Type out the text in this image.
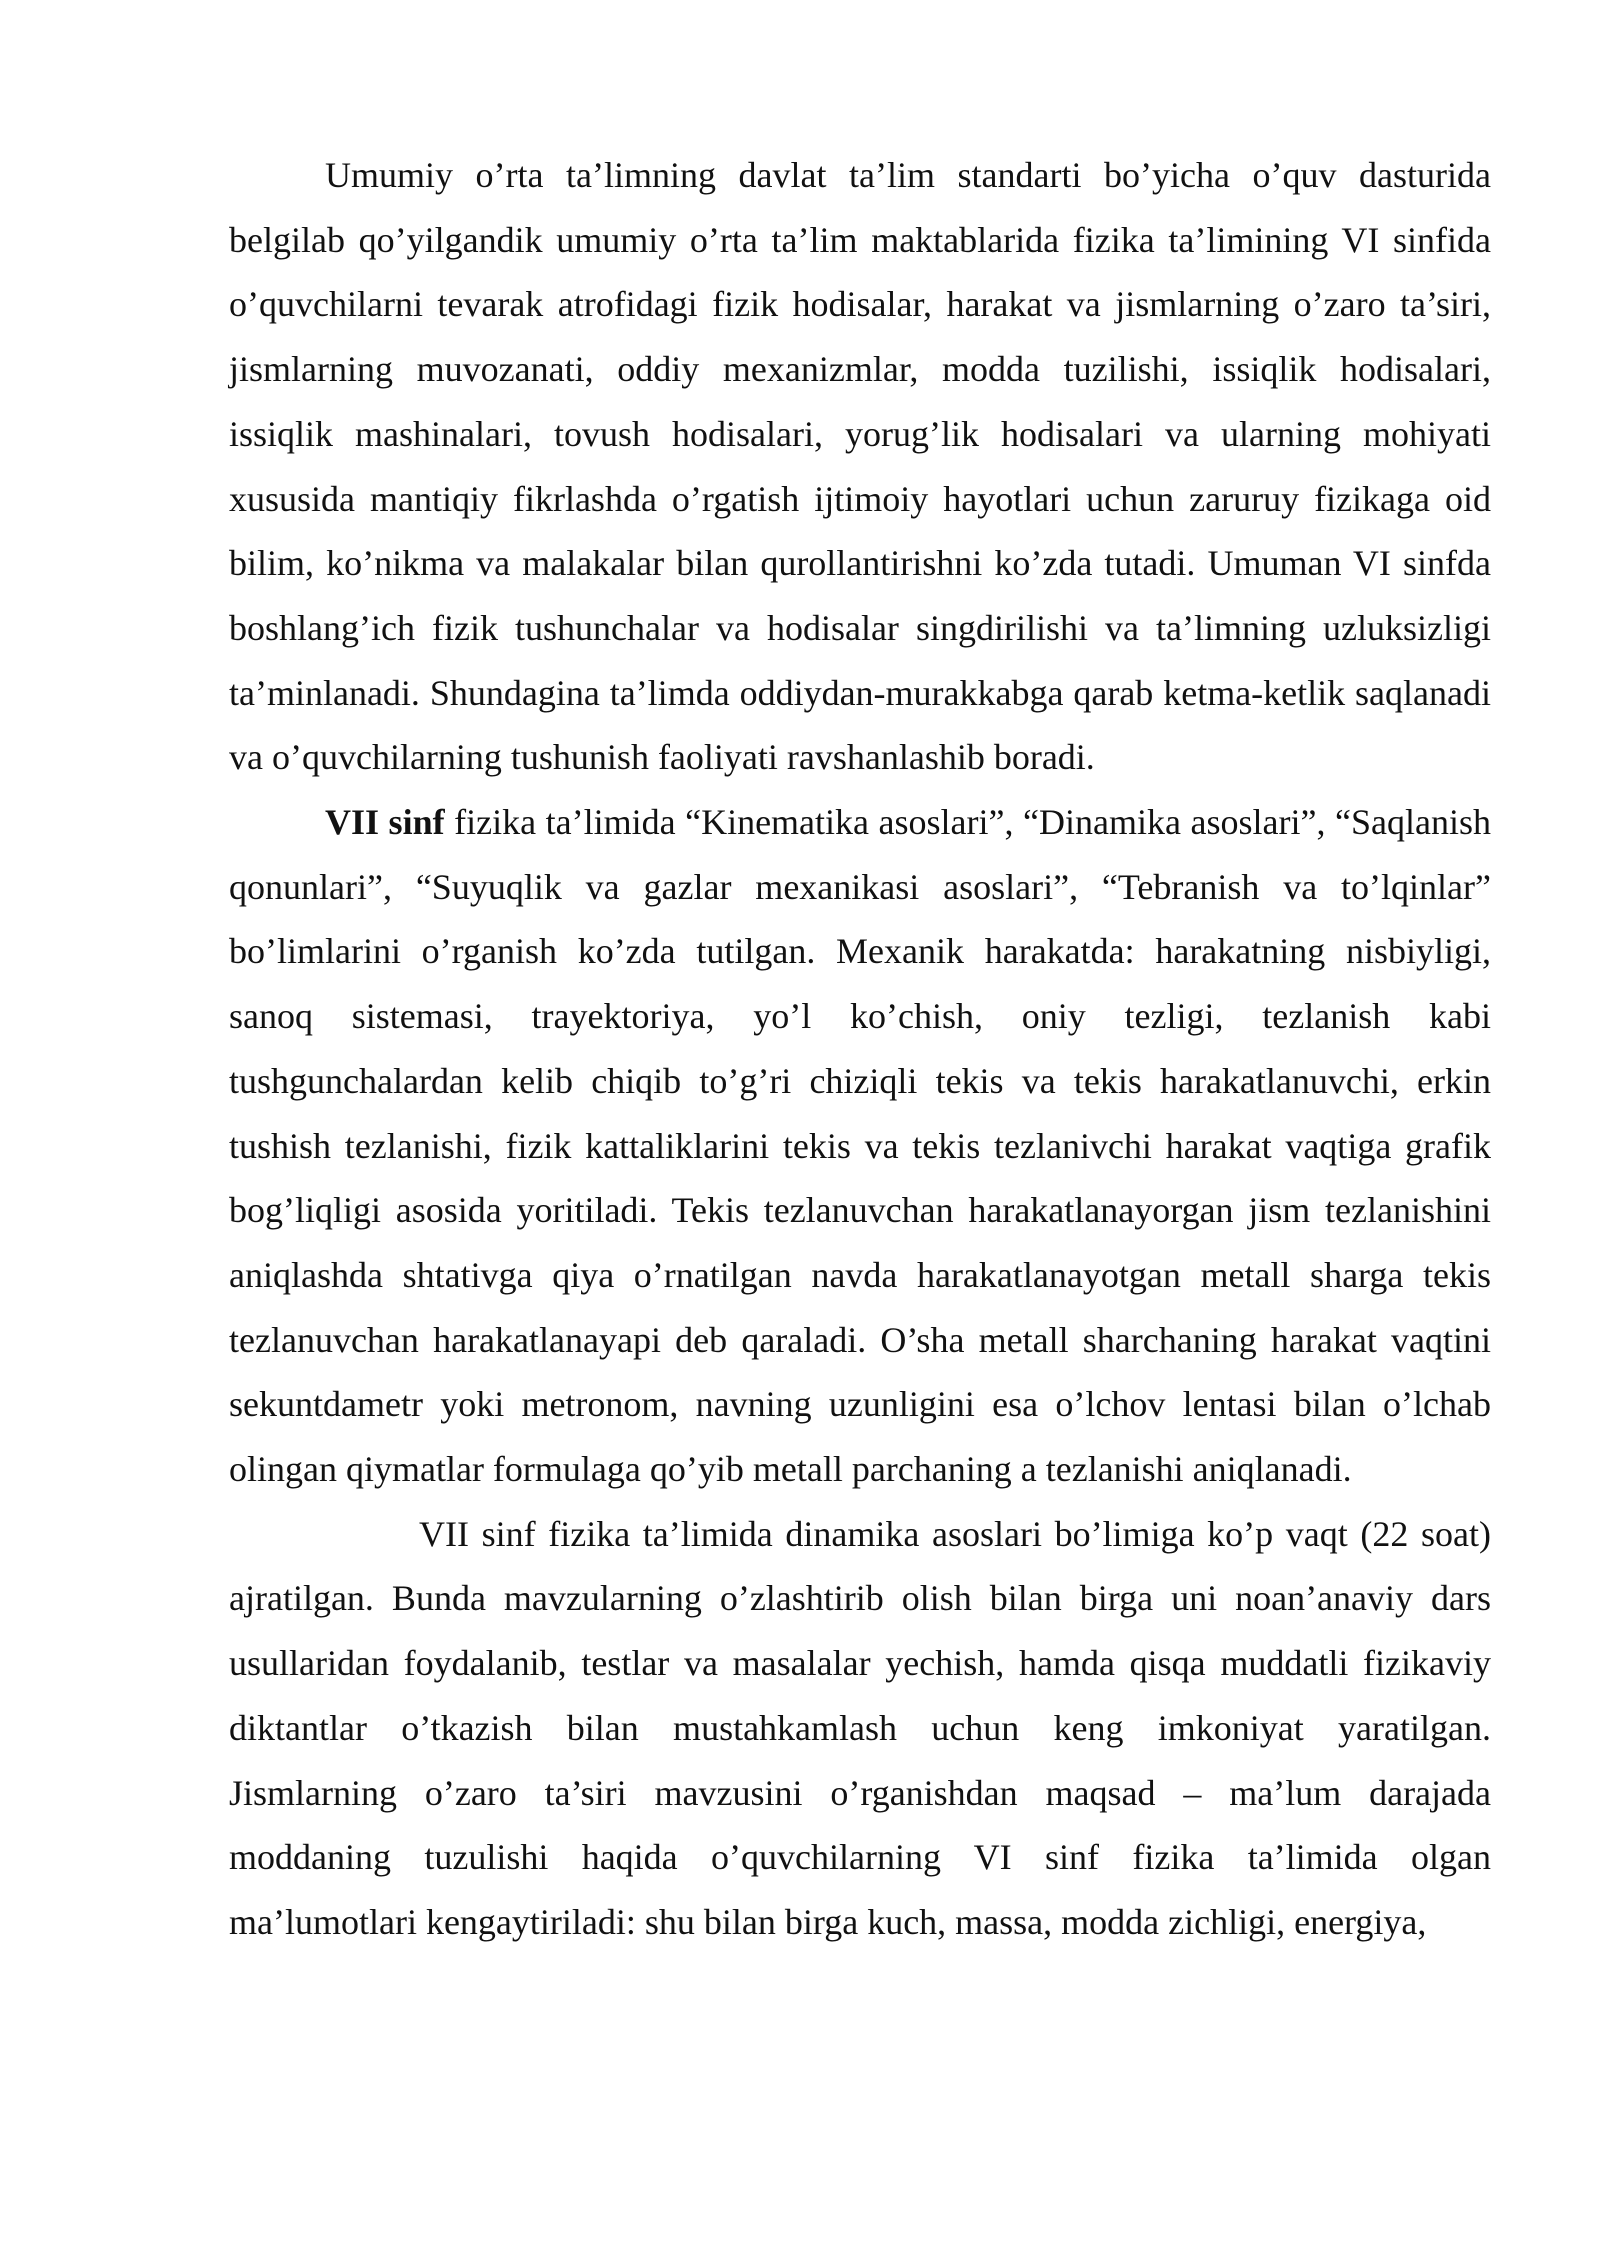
Umumiy o’rta ta’limning davlat ta’lim standarti bo’yicha o’quv dasturida belgilab qo’yilgandik umumiy o’rta ta’lim maktablarida fizika ta’limining VI sinfida o’quvchilarni tevarak atrofidagi fizik hodisalar, harakat va jismlarning o’zaro ta’siri, jismlarning muvozanati, oddiy mexanizmlar, modda tuzilishi, issiqlik hodisalari, issiqlik mashinalari, tovush hodisalari, yorug’lik hodisalari va ularning mohiyati xususida mantiqiy fikrlashda o’rgatish ijtimoiy hayotlari uchun zaruruy fizikaga oid bilim, ko’nikma va malakalar bilan qurollantirishni ko’zda tutadi. Umuman VI sinfda boshlang’ich fizik tushunchalar va hodisalar singdirilishi va ta’limning uzluksizligi ta’minlanadi. Shundagina ta’limda oddiydan-murakkabga qarab ketma-ketlik saqlanadi va o’quvchilarning tushunish faoliyati ravshanlashib boradi.

VII sinf fizika ta’limida “Kinematika asoslari”, “Dinamika asoslari”, “Saqlanish qonunlari”, “Suyuqlik va gazlar mexanikasi asoslari”, “Tebranish va to’lqinlar” bo’limlarini o’rganish ko’zda tutilgan. Mexanik harakatda: harakatning nisbiyligi, sanoq sistemasi, trayektoriya, yo’l ko’chish, oniy tezligi, tezlanish kabi tushgunchalardan kelib chiqib to’g’ri chiziqli tekis va tekis harakatlanuvchi, erkin tushish tezlanishi, fizik kattaliklarini tekis va tekis tezlanivchi harakat vaqtiga grafik bog’liqligi asosida yoritiladi. Tekis tezlanuvchan harakatlanayorgan jism tezlanishini aniqlashda shtativga qiya o’rnatilgan navda harakatlanayotgan metall sharga tekis tezlanuvchan harakatlanayapi deb qaraladi. O’sha metall sharchaning harakat vaqtini sekuntdametr yoki metronom, navning uzunligini esa o’lchov lentasi bilan o’lchab olingan qiymatlar formulaga qo’yib metall parchaning a tezlanishi aniqlanadi.

VII sinf fizika ta’limida dinamika asoslari bo’limiga ko’p vaqt (22 soat) ajratilgan. Bunda mavzularning o’zlashtirib olish bilan birga uni noan’anaviy dars usullaridan foydalanib, testlar va masalalar yechish, hamda qisqa muddatli fizikaviy diktantlar o’tkazish bilan mustahkamlash uchun keng imkoniyat yaratilgan. Jismlarning o’zaro ta’siri mavzusini o’rganishdan maqsad – ma’lum darajada moddaning tuzulishi haqida o’quvchilarning VI sinf fizika ta’limida olgan ma’lumotlari kengaytiriladi: shu bilan birga kuch, massa, modda zichligi, energiya,
